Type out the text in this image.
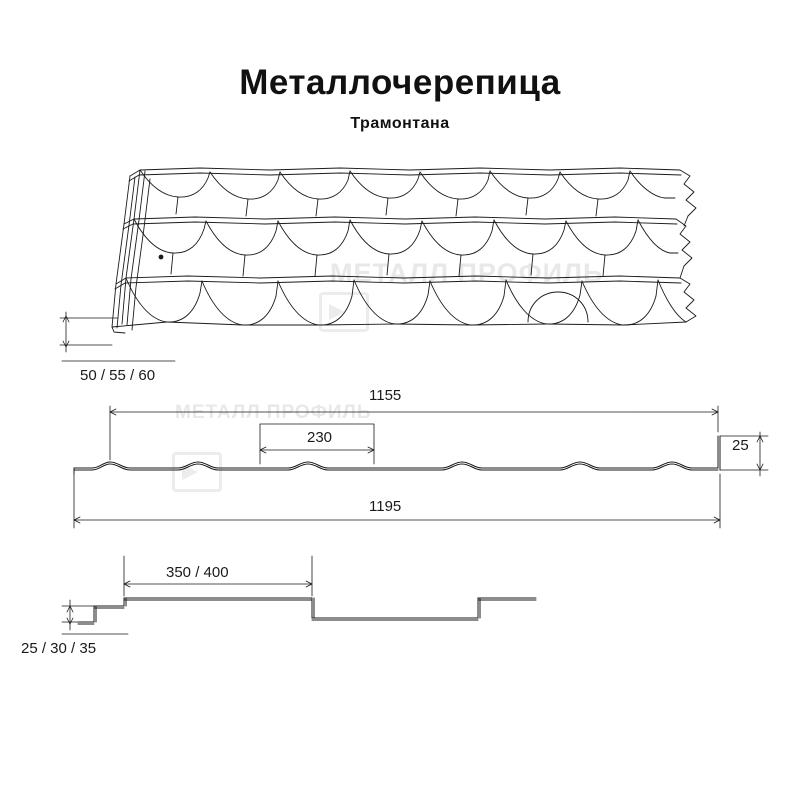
МЕТАЛЛ ПРОФИЛЬ
МЕТАЛЛ ПРОФИЛЬ
Металлочерепица
Трамонтана
50 / 55 / 60
1155
230	25
1195
350 / 400
25 / 30 / 35
